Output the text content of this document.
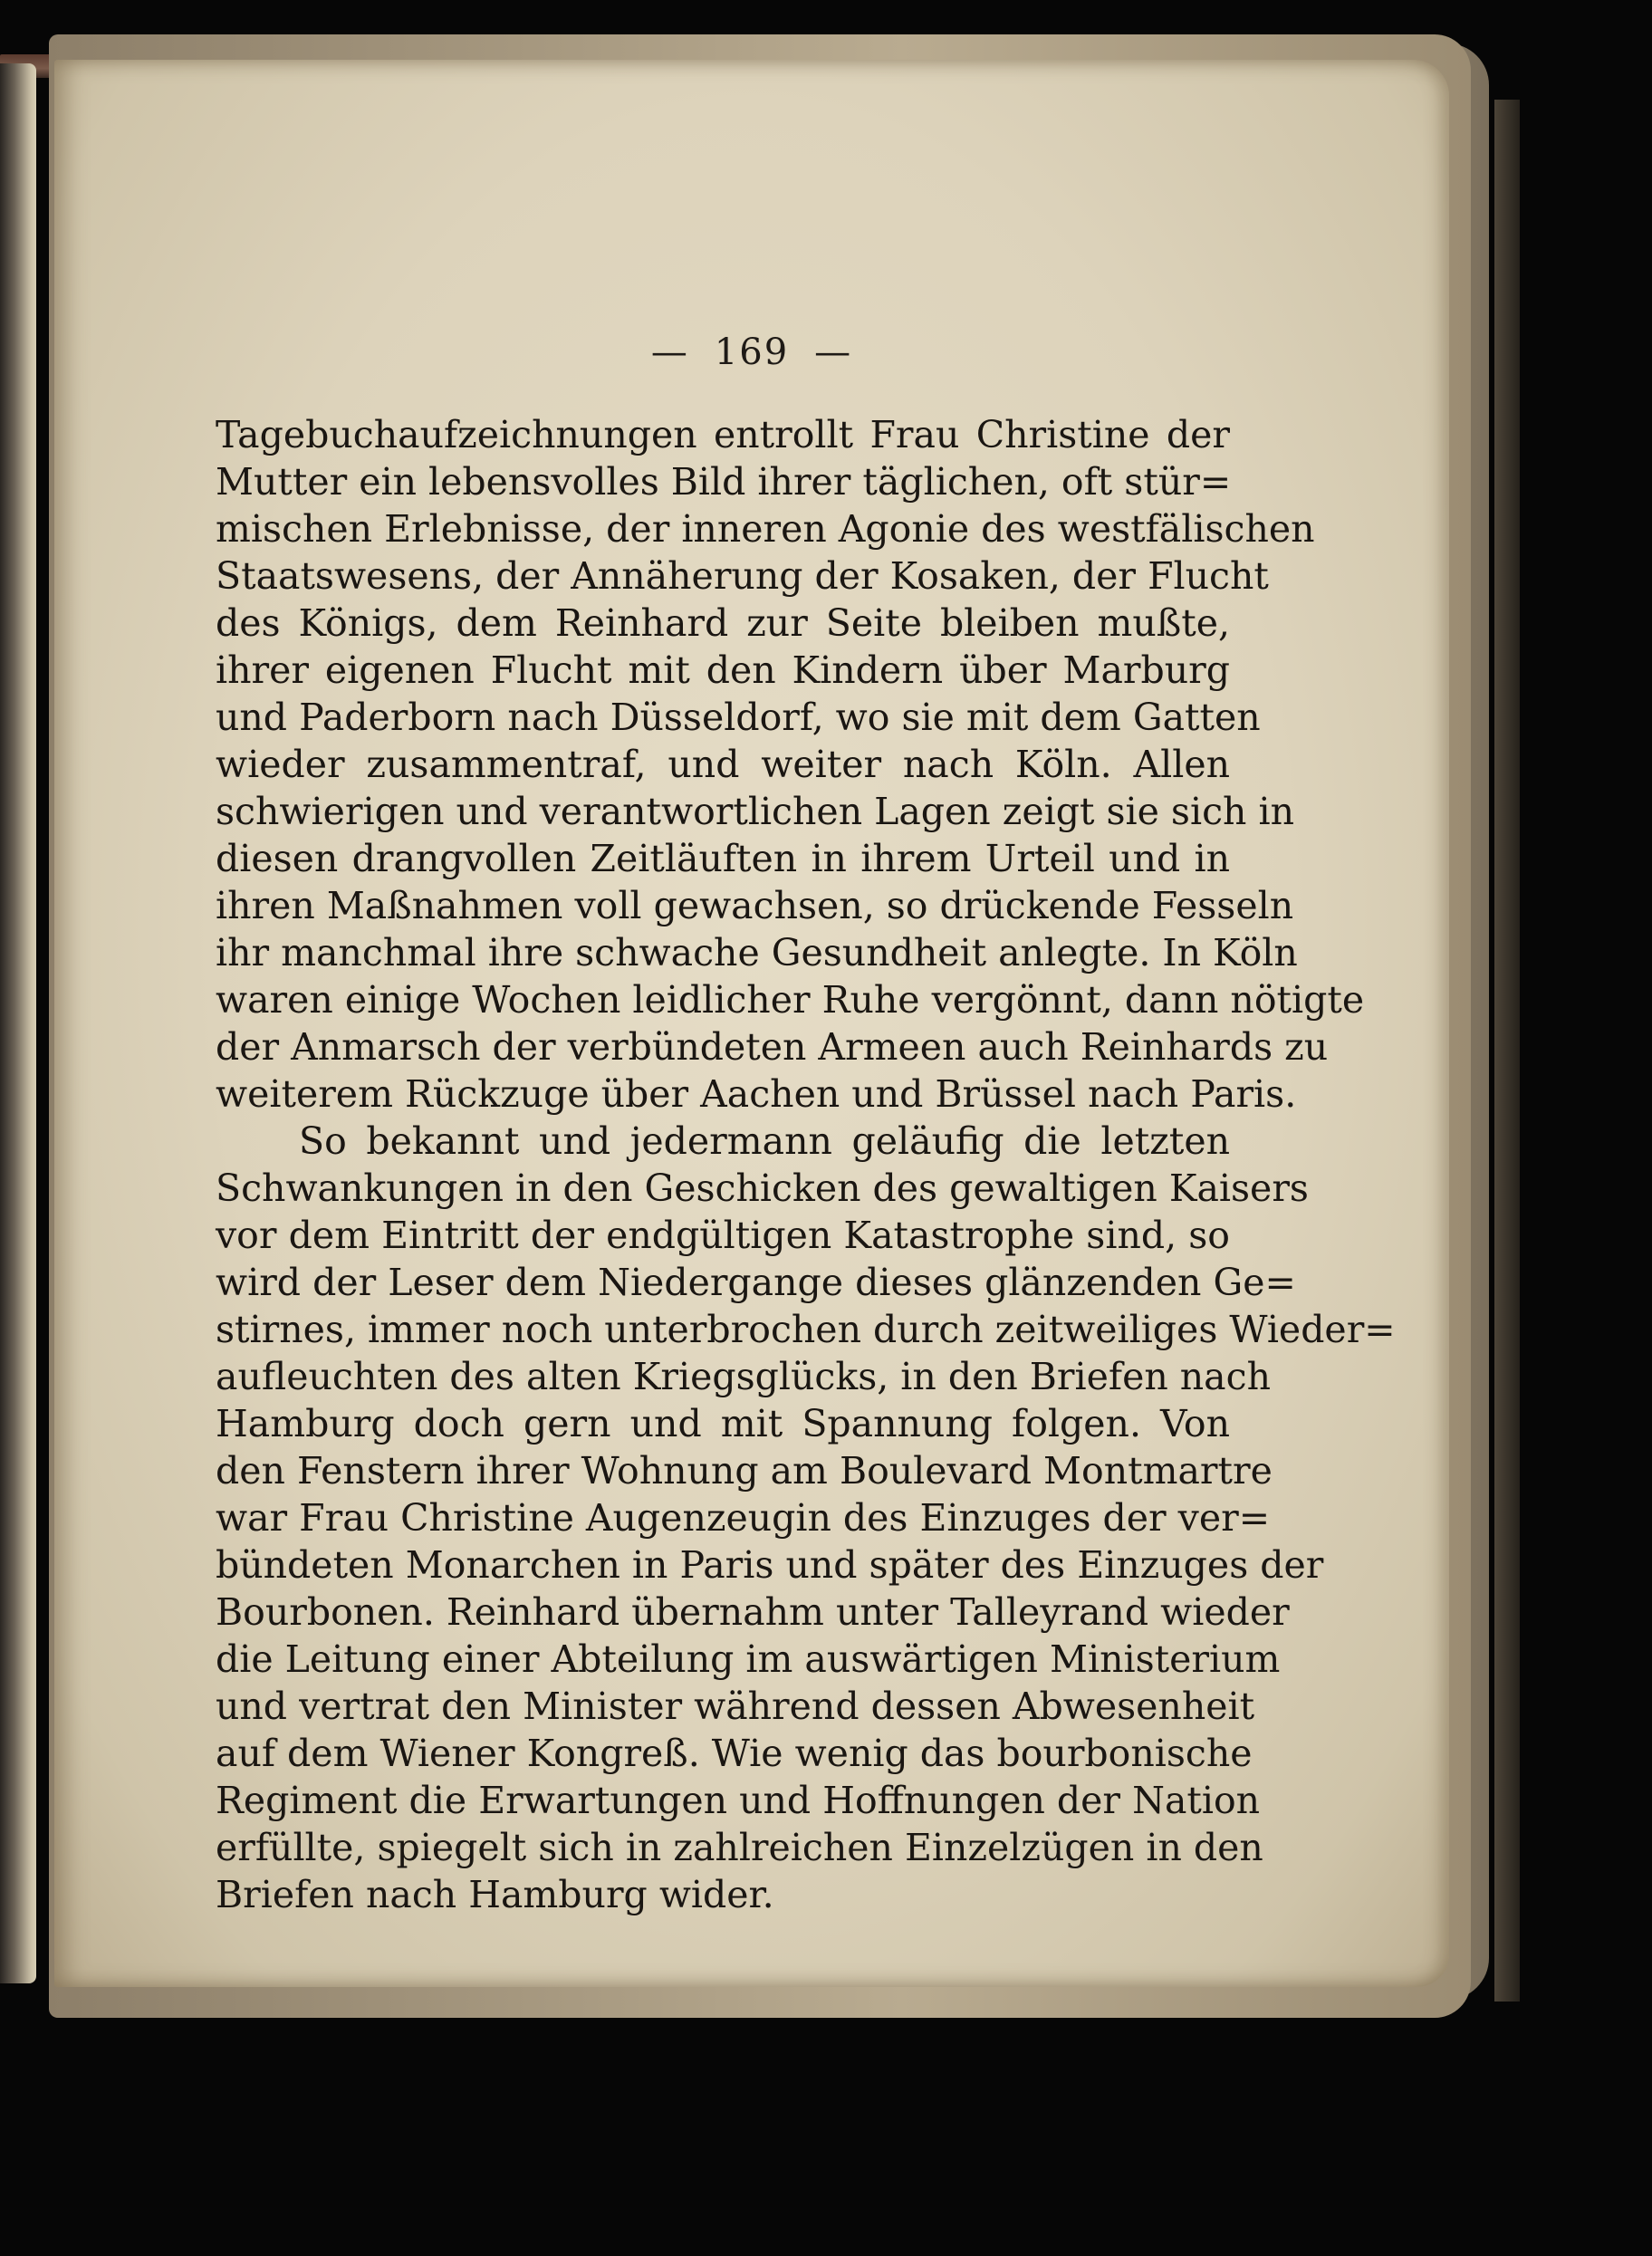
— 169 —
Tagebuchaufzeichnungen entrollt Frau Christine der
Mutter ein lebensvolles Bild ihrer täglichen, oft stür=
mischen Erlebnisse, der inneren Agonie des westfälischen
Staatswesens, der Annäherung der Kosaken, der Flucht
des Königs, dem Reinhard zur Seite bleiben mußte,
ihrer eigenen Flucht mit den Kindern über Marburg
und Paderborn nach Düsseldorf, wo sie mit dem Gatten
wieder zusammentraf, und weiter nach Köln. Allen
schwierigen und verantwortlichen Lagen zeigt sie sich in
diesen drangvollen Zeitläuften in ihrem Urteil und in
ihren Maßnahmen voll gewachsen, so drückende Fesseln
ihr manchmal ihre schwache Gesundheit anlegte. In Köln
waren einige Wochen leidlicher Ruhe vergönnt, dann nötigte
der Anmarsch der verbündeten Armeen auch Reinhards zu
weiterem Rückzuge über Aachen und Brüssel nach Paris.
So bekannt und jedermann geläufig die letzten
Schwankungen in den Geschicken des gewaltigen Kaisers
vor dem Eintritt der endgültigen Katastrophe sind, so
wird der Leser dem Niedergange dieses glänzenden Ge=
stirnes, immer noch unterbrochen durch zeitweiliges Wieder=
aufleuchten des alten Kriegsglücks, in den Briefen nach
Hamburg doch gern und mit Spannung folgen. Von
den Fenstern ihrer Wohnung am Boulevard Montmartre
war Frau Christine Augenzeugin des Einzuges der ver=
bündeten Monarchen in Paris und später des Einzuges der
Bourbonen. Reinhard übernahm unter Talleyrand wieder
die Leitung einer Abteilung im auswärtigen Ministerium
und vertrat den Minister während dessen Abwesenheit
auf dem Wiener Kongreß. Wie wenig das bourbonische
Regiment die Erwartungen und Hoffnungen der Nation
erfüllte, spiegelt sich in zahlreichen Einzelzügen in den
Briefen nach Hamburg wider.
